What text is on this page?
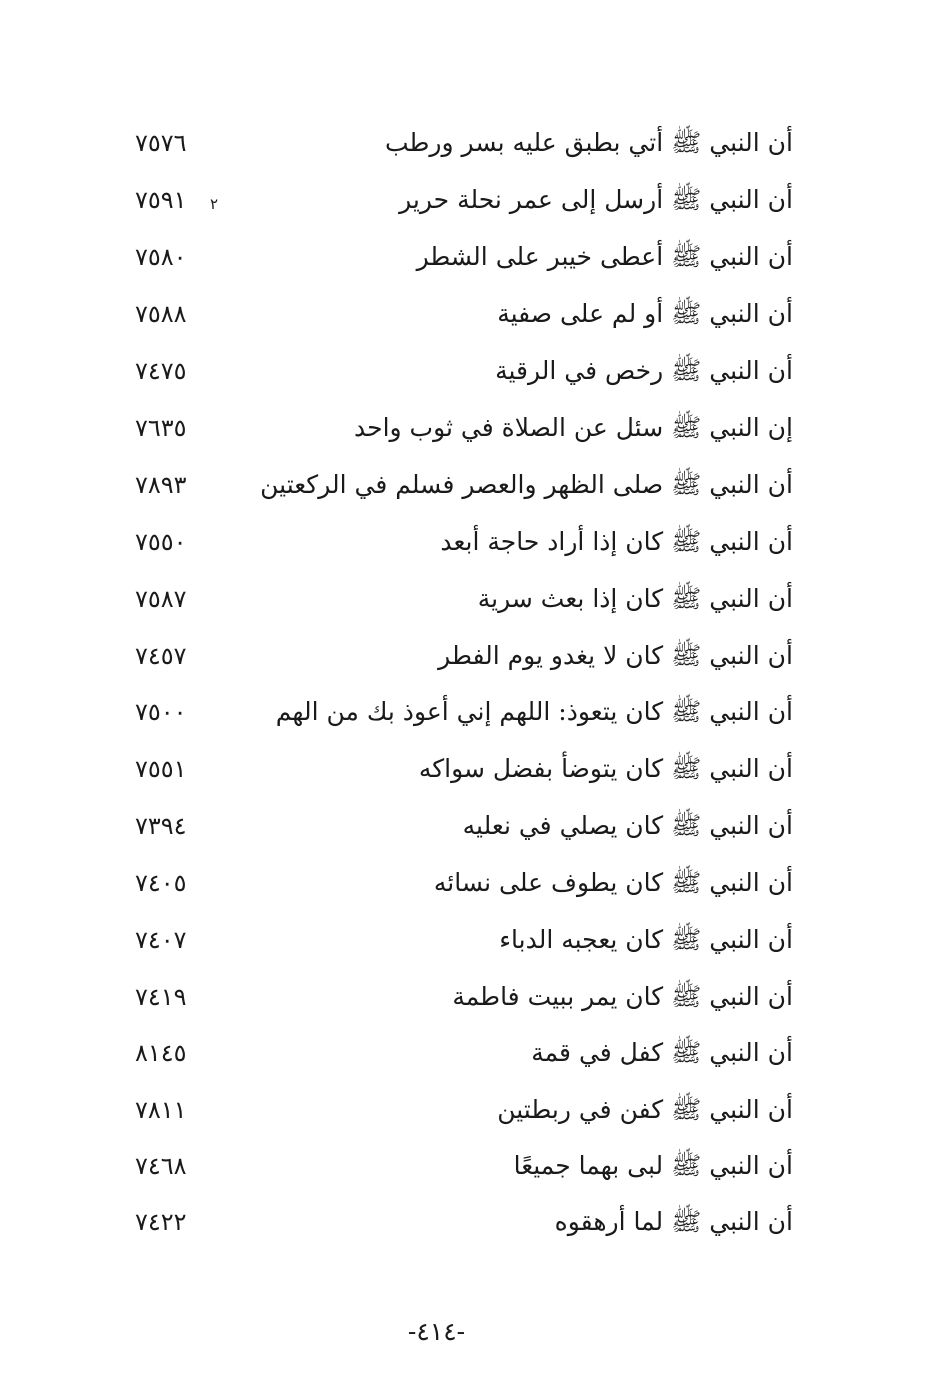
أن النبي ﷺ أتي بطبق عليه بسر ورطب
٧٥٧٦
أن النبي ﷺ أرسل إلى عمر نحلة حرير
٧٥٩١	٢
أن النبي ﷺ أعطى خيبر على الشطر
٧٥٨٠
أن النبي ﷺ أو لم على صفية
٧٥٨٨
أن النبي ﷺ رخص في الرقية
٧٤٧٥
إن النبي ﷺ سئل عن الصلاة في ثوب واحد
٧٦٣٥
أن النبي ﷺ صلى الظهر والعصر فسلم في الركعتين
٧٨٩٣
أن النبي ﷺ كان إذا أراد حاجة أبعد
٧٥٥٠
أن النبي ﷺ كان إذا بعث سرية
٧٥٨٧
أن النبي ﷺ كان لا يغدو يوم الفطر
٧٤٥٧
أن النبي ﷺ كان يتعوذ: اللهم إني أعوذ بك من الهم
٧٥٠٠
أن النبي ﷺ كان يتوضأ بفضل سواكه
٧٥٥١
أن النبي ﷺ كان يصلي في نعليه
٧٣٩٤
أن النبي ﷺ كان يطوف على نسائه
٧٤٠٥
أن النبي ﷺ كان يعجبه الدباء
٧٤٠٧
أن النبي ﷺ كان يمر ببيت فاطمة
٧٤١٩
أن النبي ﷺ كفل في قمة
٨١٤٥
أن النبي ﷺ كفن في ربطتين
٧٨١١
أن النبي ﷺ لبى بهما جميعًا
٧٤٦٨
أن النبي ﷺ لما أرهقوه
٧٤٢٢
-٤١٤-
